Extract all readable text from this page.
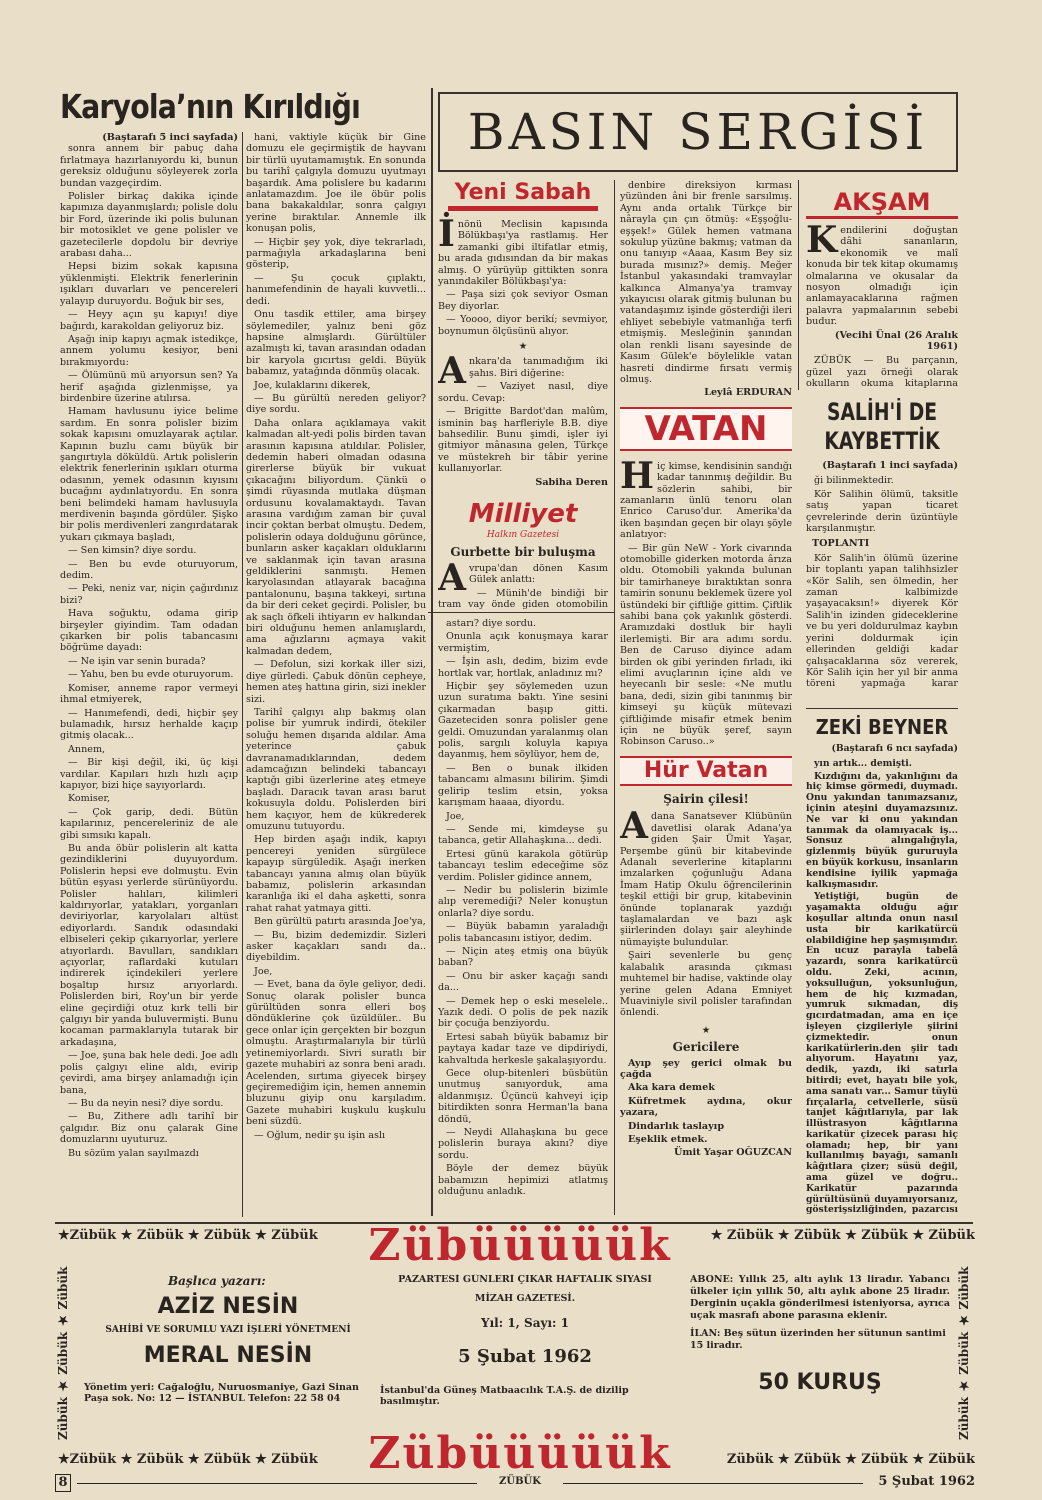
Karyola’nın Kırıldığı
(Baştarafı 5 inci sayfada)

sonra annem bir pabuç daha fırlatmaya hazırlanıyordu ki, bunun gereksiz olduğunu söyleyerek zorla bundan vazgeçirdim.

Polisler birkaç dakika içinde kapımıza dayanmışlardı; polisle dolu bir Ford, üzerinde iki polis bulunan bir motosiklet ve gene polisler ve gazetecilerle dopdolu bir devriye arabası daha...

Hepsi bizim sokak kapısına yüklenmişti. Elektrik fenerlerinin ışıkları duvarları ve pencereleri yalayıp duruyordu. Boğuk bir ses,

— Heyy açın şu kapıyı! diye bağırdı, karakoldan geliyoruz biz.

Aşağı inip kapıyı açmak istedikçe, annem yolumu kesiyor, beni bırakmıyordu:

— Ölümünü mü arıyorsun sen? Ya herif aşağıda gizlenmişse, ya birdenbire üzerine atılırsa.

Hamam havlusunu iyice belime sardım. En sonra polisler bizim sokak kapısını omuzlayarak açtılar. Kapının buzlu camı büyük bir şangırtıyla döküldü. Artık polislerin elektrik fenerlerinin ışıkları oturma odasının, yemek odasının kıyısını bucağını aydınlatıyordu. En sonra beni belimdeki hamam havlusuyla merdivenin başında gördüler. Şişko bir polis merdivenleri zangırdatarak yukarı çıkmaya başladı,

— Sen kimsin? diye sordu.

— Ben bu evde oturuyorum, dedim.

— Peki, neniz var, niçin çağırdınız bizi?

Hava soğuktu, odama girip birşeyler giyindim. Tam odadan çıkarken bir polis tabancasını böğrüme dayadı:

— Ne işin var senin burada?

— Yahu, ben bu evde oturuyorum.

Komiser, anneme rapor vermeyi ihmal etmiyerek,

— Hanımefendi, dedi, hiçbir şey bulamadık, hırsız herhalde kaçıp gitmiş olacak...

Annem,

— Bir kişi değil, iki, üç kişi vardılar. Kapıları hızlı hızlı açıp kapıyor, bizi hiçe sayıyorlardı.

Komiser,

— Çok garip, dedi. Bütün kapılarınız, pencereleriniz de ale gibi sımsıkı kapalı.

Bu anda öbür polislerin alt katta gezindiklerini duyuyordum. Polislerin hepsi eve dolmuştu. Evin bütün eşyası yerlerde sürünüyordu. Polisler halıları, kilimleri kaldırıyorlar, yatakları, yorganları deviriyorlar, karyolaları altüst ediyorlardı. Sandık odasındaki elbiseleri çekip çıkarıyorlar, yerlere atıyorlardı. Bavulları, sandıkları açıyorlar, raflardaki kutuları indirerek içindekileri yerlere boşaltıp hırsız arıyorlardı. Polislerden biri, Roy'un bir yerde eline geçirdiği otuz kırk telli bir çalgıyı bir yanda buluvermişti. Bunu kocaman parmaklarıyla tutarak bir arkadaşına,

— Joe, şuna bak hele dedi. Joe adlı polis çalgıyı eline aldı, evirip çevirdi, ama birşey anlamadığı için bana,

— Bu da neyin nesi? diye sordu.

— Bu, Zithere adlı tarihî bir çalgıdır. Biz onu çalarak Gine domuzlarını uyuturuz.

Bu sözüm yalan sayılmazdı

hani, vaktiyle küçük bir Gine domuzu ele geçirmiştik de hayvanı bir türlü uyutamamıştık. En sonunda bu tarihî çalgıyla domuzu uyutmayı başardık. Ama polislere bu kadarını anlatamazdım. Joe ile öbür polis bana bakakaldılar, sonra çalgıyı yerine bıraktılar. Annemle ilk konuşan polis,

— Hiçbir şey yok, diye tekrarladı, parmağıyla arkadaşlarına beni gösterip,

— Şu çocuk çıplaktı, hanımefendinin de hayali kuvvetli... dedi.

Onu tasdik ettiler, ama birşey söylemediler, yalnız beni göz hapsine almışlardı. Gürültüler azalmıştı ki, tavan arasından odadan bir karyola gıcırtısı geldi. Büyük babamız, yatağında dönmüş olacak.

Joe, kulaklarını dikerek,

— Bu gürültü nereden geliyor? diye sordu.

Daha onlara açıklamaya vakit kalmadan alt-yedi polis birden tavan arasının kapısına atıldılar. Polisler, dedemin haberi olmadan odasına girerlerse büyük bir vukuat çıkacağını biliyordum. Çünkü o şimdi rüyasında mutlaka düşman ordusunu kovalamaktaydı. Tavan arasına vardığım zaman bir çuval incir çoktan berbat olmuştu. Dedem, polislerin odaya dolduğunu görünce, bunların asker kaçakları olduklarını ve saklanmak için tavan arasına geldiklerini sanmıştı. Hemen karyolasından atlayarak bacağına pantalonunu, başına takkeyi, sırtına da bir deri ceket geçirdi. Polisler, bu ak saçlı öfkeli ihtiyarın ev halkından biri olduğunu hemen anlamışlardı, ama ağızlarını açmaya vakit kalmadan dedem,

— Defolun, sizi korkak iller sizi, diye gürledi. Çabuk dönün cepheye, hemen ateş hattına girin, sizi inekler sizi.

Tarihî çalgıyı alıp bakmış olan polise bir yumruk indirdi, ötekiler soluğu hemen dışarıda aldılar. Ama yeterince çabuk davranamadıklarından, dedem adamcağızın belindeki tabancayı kaptığı gibi üzerlerine ateş etmeye başladı. Daracık tavan arası barut kokusuyla doldu. Polislerden biri hem kaçıyor, hem de kükrederek omuzunu tutuyordu.

Hep birden aşağı indik, kapıyı pencereyi yeniden sürgülece kapayıp sürgüledik. Aşağı inerken tabancayı yanına almış olan büyük babamız, polislerin arkasından karanlığa iki el daha aşketti, sonra rahat rahat yatmaya gitti.

Ben gürültü patırtı arasında Joe'ya,

— Bu, bizim dedemizdir. Sizleri asker kaçakları sandı da.. diyebildim.

Joe,

— Evet, bana da öyle geliyor, dedi. Sonuç olarak polisler bunca gürültüden sonra elleri boş döndüklerine çok üzüldüler.. Bu gece onlar için gerçekten bir bozgun olmuştu. Araştırmalarıyla bir türlü yetinemiyorlardı. Sivri suratlı bir gazete muhabiri az sonra beni aradı. Acelenden, sırtıma giyecek birşey geçiremediğim için, hemen annemin bluzunu giyip onu karşıladım. Gazete muhabiri kuşkulu kuşkulu beni süzdü.

— Oğlum, nedir şu işin aslı

BASIN SERGİSİ
Yeni Sabah

İnönü Meclisin kapısında Bölükbaşı'ya rastlamış. Her zamanki gibi iltifatlar etmiş, bu arada gıdısından da bir makas almış. O yürüyüp gittikten sonra yanındakiler Bölükbaşı'ya:

— Paşa sizi çok seviyor Osman Bey diyorlar.

— Yoooo, diyor berikí; sevmiyor, boynumun ölçüsünü alıyor.

★

Ankara'da tanımadığım iki şahıs. Biri diğerine:

— Vaziyet nasıl, diye sordu. Cevap:

— Brigitte Bardot'dan malûm, isminin baş harfleriyle B.B. diye bahsedilir. Bunu şimdi, işler iyi gitmiyor mânasına gelen, Türkçe ve müstekreh bir tâbir yerine kullanıyorlar.

Sabiha Deren
Milliyet
Halkın Gazetesi
Gurbette bir buluşma

Avrupa'dan dönen Kasım Gülek anlattı:

— Münih'de bindiği bir tram vay önde giden otomobilin

denbire direksiyon kırması yüzünden âni bir frenle sarsılmış. Aynı anda ortalık Türkçe bir nârayla çın çın ötmüş: «Eşşoğlu-eşşek!» Gülek hemen vatmana sokulup yüzüne bakmış; vatman da onu tanıyıp «Aaaa, Kasım Bey siz burada mısınız?» demiş. Meğer İstanbul yakasındaki tramvaylar kalkınca Almanya'ya tramvay yıkayıcısı olarak gitmiş bulunan bu vatandaşımız işinde gösterdiği ileri ehliyet sebebiyle vatmanlığa terfi etmişmiş. Mesleğinin şanından olan renkli lisanı sayesinde de Kasım Gülek'e böylelikle vatan hasreti dindirme fırsatı vermiş olmuş.

Leylâ ERDURAN
VATAN

Hiç kimse, kendisinin sandığı kadar tanınmış değildir. Bu sözlerin sahibi, bir zamanların ünlü tenoru olan Enrico Caruso'dur. Amerika'da iken başından geçen bir olayı şöyle anlatıyor:

— Bir gün NeW - York civarında otomobille giderken motorda ârıza oldu. Otomobili yakında bulunan bir tamirhaneye bıraktıktan sonra tamirin sonunu beklemek üzere yol üstündeki bir çiftliğe gittim. Çiftlik sahibi bana çok yakınlık gösterdi. Aramızdaki dostluk bir hayli ilerlemişti. Bir ara adımı sordu. Ben de Caruso diyince adam birden ok gibi yerinden fırladı, iki elimi avuçlarının içine aldı ve heyecanlı bir sesle: «Ne mutlu bana, dedi, sizin gibi tanınmış bir kimseyi şu küçük mütevazi çiftliğimde misafir etmek benim için ne büyük şeref, sayın Robinson Caruso..»

astarı? diye sordu.

Onunla açık konuşmaya karar vermiştim,

— İşin aslı, dedim, bizim evde hortlak var, hortlak, anladınız mı?

Hiçbir şey söylemeden uzun uzun suratıma baktı. Yine sesini çıkarmadan başıp gitti. Gazeteciden sonra polisler gene geldi. Omuzundan yaralanmış olan polis, sargılı koluyla kapıya dayanmış, hem söylüyor, hem de,

— Ben o bunak ilkiden tabancamı almasını bilirim. Şimdi gelirip teslim etsin, yoksa karışmam haaaa, diyordu.

Joe,

— Sende mi, kimdeyse şu tabanca, getir Allahaşkına... dedi.

Ertesi günü karakola götürüp tabancayı teslim edeceğime söz verdim. Polisler gidince annem,

— Nedir bu polislerin bizimle alıp veremediği? Neler konuştun onlarla? diye sordu.

— Büyük babamın yaraladığı polis tabancasını istiyor, dedim.

— Niçin ateş etmiş ona büyük baban?

— Onu bir asker kaçağı sandı da...

— Demek hep o eski meselele.. Yazık dedi. O polis de pek nazik bir çocuğa benziyordu.

Ertesi sabah büyük babamız bir paytaya kadar taze ve dipdiriydi, kahvaltıda herkesle şakalaşıyordu.

Gece olup-bitenleri büsbütün unutmuş sanıyorduk, ama aldanmışız. Üçüncü kahveyi içip bitirdikten sonra Herman'la bana döndü,

— Neydi Allahaşkına bu gece polislerin buraya akını? diye sordu.

Böyle der demez büyük babamızın hepimizi atlatmış olduğunu anladık.

Hür Vatan
Şairin çilesi!

Adana Sanatsever Klübünün davetlisi olarak Adana'ya giden Şair Ümit Yaşar, Perşembe günü bir kitabevinde Adanalı severlerine kitaplarını imzalarken çoğunluğu Adana İmam Hatip Okulu öğrencilerinin teşkil ettiği bir grup, kitabevinin önünde toplanarak yazdığı taşlamalardan ve bazı aşk şiirlerinden dolayı şair aleyhinde nümayişte bulundular.

Şairi sevenlerle bu genç kalabalık arasında çıkması muhtemel bir hadise, vaktinde olay yerine gelen Adana Emniyet Muaviniyle sivil polisler tarafından önlendi.

★
Gericilere

Ayıp şey gerici olmak bu çağda

Aka kara demek

Küfretmek aydına, okur yazara,

Dindarlık taslayıp

Eşeklik etmek.

Ümit Yaşar OĞUZCAN
AKŞAM

Kendilerini doğuştan dâhi sananların, ekonomik ve malî konuda bir tek kitap okumamış olmalarına ve okusalar da nosyon olmadığı için anlamayacaklarına rağmen palavra yapmalarının sebebi budur.

(Vecihi Ünal (26 Aralık 1961)
ZÜBÜK — Bu parçanın, güzel yazı örneği olarak okulların okuma kitaplarına
SALİH'İ DE KAYBETTİK
(Baştarafı 1 inci sayfada)

ği bilinmektedir.

Kör Salihin ölümü, taksitle satış yapan ticaret çevrelerinde derin üzüntüyle karşılanmıştır.

TOPLANTI

Kör Salih'in ölümü üzerine bir toplantı yapan talihhsizler «Kör Salih, sen ölmedin, her zaman kalbimizde yaşayacaksın!» diyerek Kör Salih'in izinden gideceklerine ve bu yeri doldurulmaz kaybın yerini doldurmak için ellerinden geldiği kadar çalışacaklarına söz vererek, Kör Salih için her yıl bir anma töreni yapmağa karar

ZEKİ BEYNER
(Baştarafı 6 ncı sayfada)

yın artık... demişti.

Kızdığını da, yakınlığını da hiç kimse görmedi, duymadı. Onu yakından tanımazsanız, içinin ateşini duyamazsınız. Ne var ki onu yakından tanımak da olamıyacak iş... Sonsuz alıngalığıyla, gizlenmiş büyük gururuyla en büyük korkusu, insanların kendisine iyilik yapmağa kalkışmasıdır.

Yetiştiği, bugün de yaşamakta olduğu ağır koşullar altında onun nasıl usta bir karikatürcü olabildiğine hep şaşmışımdır. En ucuz parayla tabelâ yazardı, sonra karikatürcü oldu. Zeki, acının, yoksulluğun, yoksunluğun, hem de hiç kızmadan, yumruk sıkmadan, diş gıcırdatmadan, ama en içe işleyen çizgileriyle şiirini çizmektedir. onun karikatürlerin.den şiir tadı alıyorum. Hayatını yaz, dedik, yazdı, iki satırla bitirdi; evet, hayatı bile yok, ama sanatı var... Samur tüylü fırçalarla, cetvellerle, süsü tanjet kâğıtlarıyla, par lak illüstrasyon kâğıtlarına karikatür çizecek parası hiç olamadı; hep, bir yanı kullanılmış bayağı, samanlı kâğıtlara çizer; süsü değil, ama güzel ve doğru.. Karikatür pazarında gürültüsünü duyamıyorsanız, gösterişsizliğinden, pazarcısı

★Zübük ★ Zübük ★ Zübük ★ Zübük	★ Zübük ★ Zübük ★ Zübük ★ Zübük
Zübüüüüük
Zübük ★ Zübük ★ Zübük
Zübük ★ Zübük ★ Zübük
Başlıca yazarı:
AZİZ NESİN
SAHİBİ VE SORUMLU YAZI İŞLERİ YÖNETMENİ
MERAL NESİN
Yönetim yeri: Cağaloğlu, Nuruosmaniye, Gazi Sinan Paşa sok. No: 12 — İSTANBUL Telefon: 22 58 04
PAZARTESİ GÜNLERİ ÇIKAR HAFTALIK SİYASİ
MİZAH GAZETESİ.
Yıl: 1, Sayı: 1
5 Şubat 1962
İstanbul'da Güneş Matbaacılık T.A.Ş. de dizilip basılmıştır.
ABONE: Yıllık 25, altı aylık 13 liradır. Yabancı ülkeler için yıllık 50, altı aylık abone 25 liradır. Derginin uçakla gönderilmesi isteniyorsa, ayrıca uçak masrafı abone parasına eklenir.
İLAN: Beş sütun üzerinden her sütunun santimi 15 liradır.
50 KURUŞ
★Zübük ★ Zübük ★ Zübük ★ Zübük	Zübük ★ Zübük ★ Zübük ★ Zübük
Zübüüüüük
8	ZÜBÜK	5 Şubat 1962
